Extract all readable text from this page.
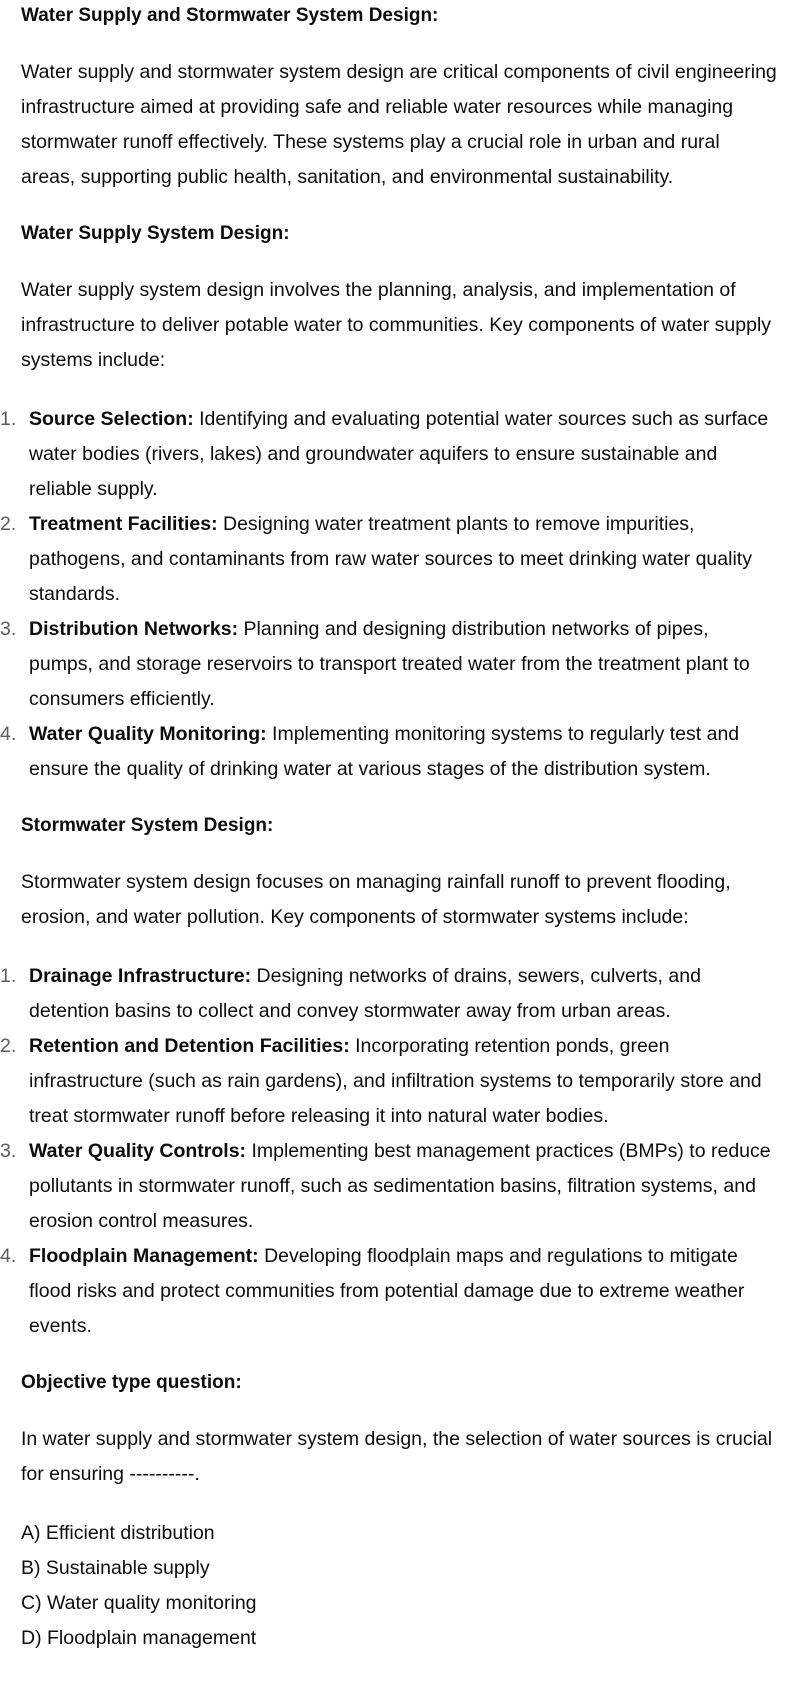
Water Supply and Stormwater System Design:

Water supply and stormwater system design are critical components of civil engineering infrastructure aimed at providing safe and reliable water resources while managing stormwater runoff effectively. These systems play a crucial role in urban and rural areas, supporting public health, sanitation, and environmental sustainability.

Water Supply System Design:

Water supply system design involves the planning, analysis, and implementation of infrastructure to deliver potable water to communities. Key components of water supply systems include:

1. Source Selection: Identifying and evaluating potential water sources such as surface water bodies (rivers, lakes) and groundwater aquifers to ensure sustainable and reliable supply.
2. Treatment Facilities: Designing water treatment plants to remove impurities, pathogens, and contaminants from raw water sources to meet drinking water quality standards.
3. Distribution Networks: Planning and designing distribution networks of pipes, pumps, and storage reservoirs to transport treated water from the treatment plant to consumers efficiently.
4. Water Quality Monitoring: Implementing monitoring systems to regularly test and ensure the quality of drinking water at various stages of the distribution system.

Stormwater System Design:

Stormwater system design focuses on managing rainfall runoff to prevent flooding, erosion, and water pollution. Key components of stormwater systems include:

1. Drainage Infrastructure: Designing networks of drains, sewers, culverts, and detention basins to collect and convey stormwater away from urban areas.
2. Retention and Detention Facilities: Incorporating retention ponds, green infrastructure (such as rain gardens), and infiltration systems to temporarily store and treat stormwater runoff before releasing it into natural water bodies.
3. Water Quality Controls: Implementing best management practices (BMPs) to reduce pollutants in stormwater runoff, such as sedimentation basins, filtration systems, and erosion control measures.
4. Floodplain Management: Developing floodplain maps and regulations to mitigate flood risks and protect communities from potential damage due to extreme weather events.

Objective type question:

In water supply and stormwater system design, the selection of water sources is crucial for ensuring ----------.

A) Efficient distribution

B) Sustainable supply

C) Water quality monitoring

D) Floodplain management
